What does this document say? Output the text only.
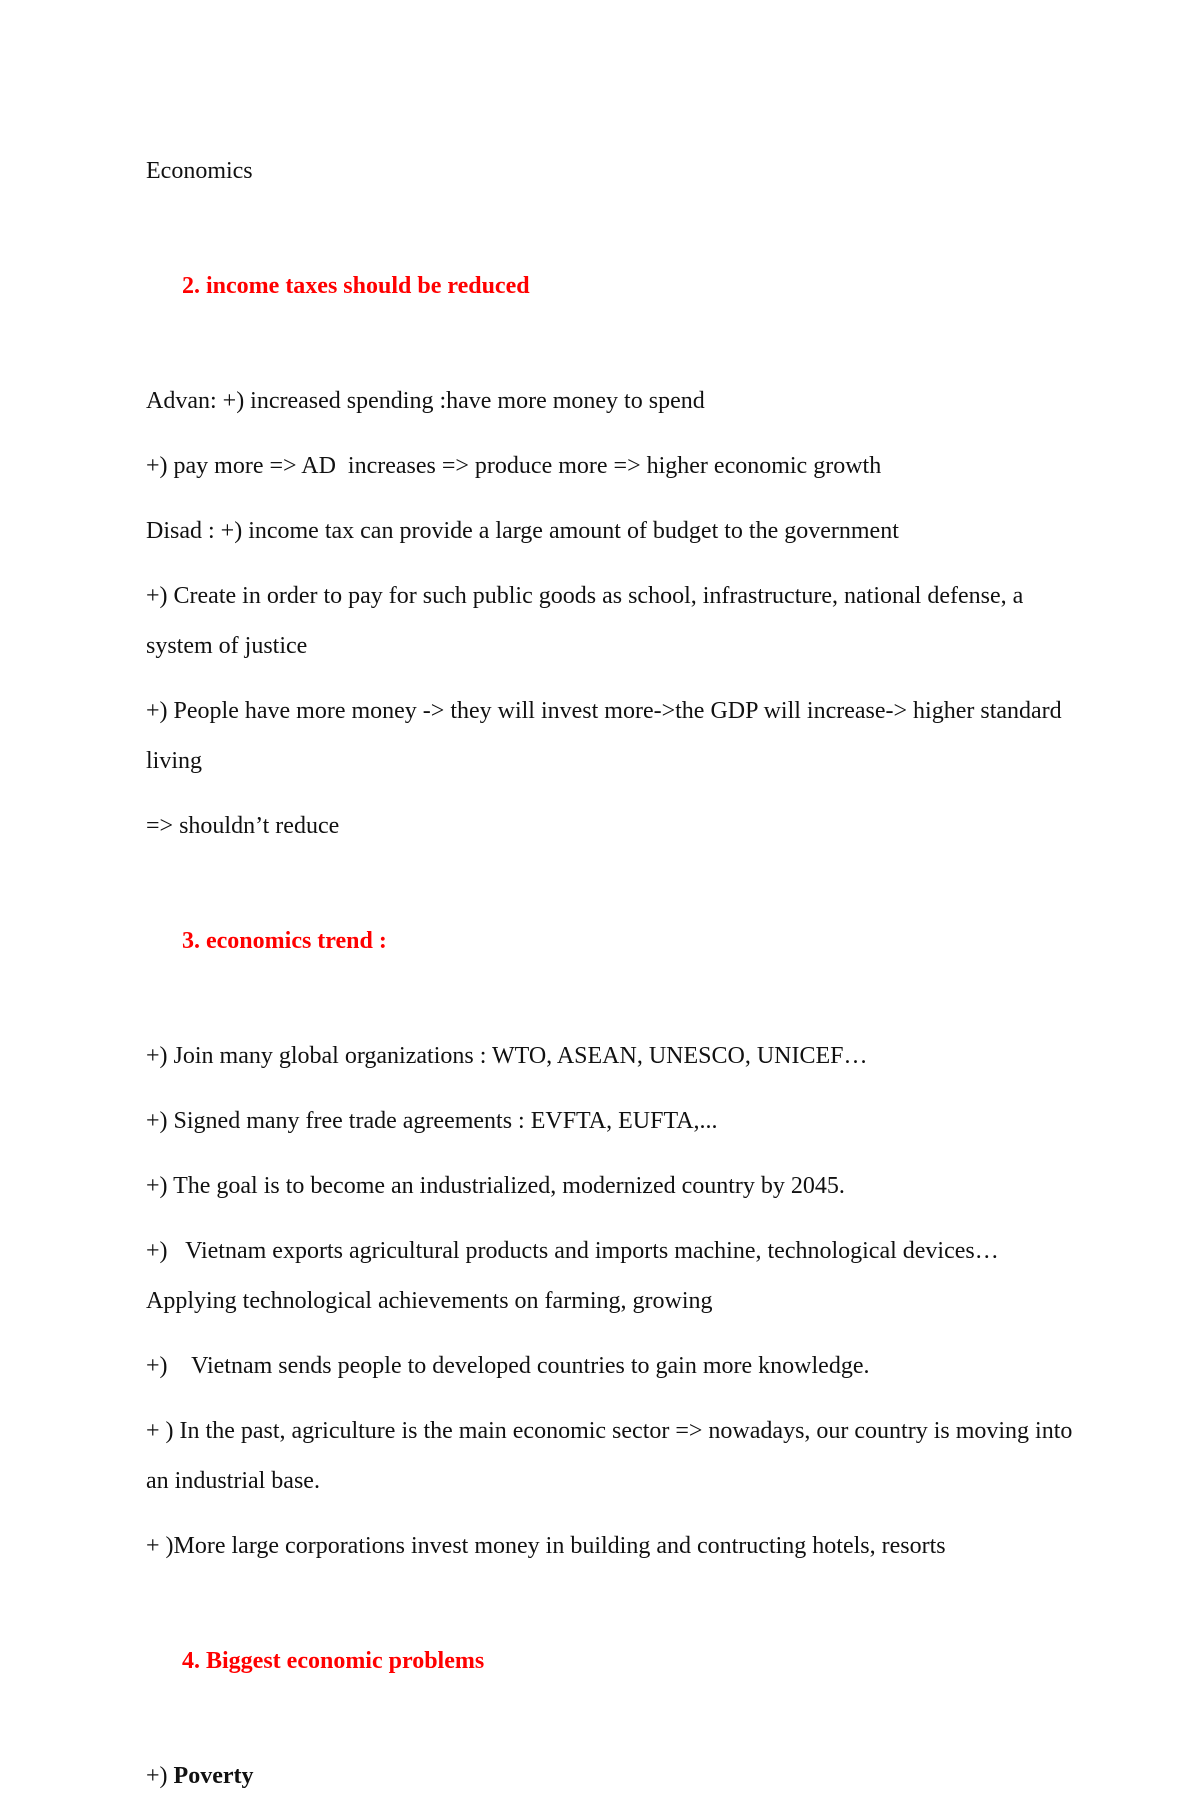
Economics

2. income taxes should be reduced

Advan: +) increased spending :have more money to spend

+) pay more => AD  increases => produce more => higher economic growth

Disad : +) income tax can provide a large amount of budget to the government

+) Create in order to pay for such public goods as school, infrastructure, national defense, a system of justice

+) People have more money -> they will invest more->the GDP will increase-> higher standard living

=> shouldn’t reduce

3. economics trend :

+) Join many global organizations : WTO, ASEAN, UNESCO, UNICEF…

+) Signed many free trade agreements : EVFTA, EUFTA,...

+) The goal is to become an industrialized, modernized country by 2045.

+)   Vietnam exports agricultural products and imports machine, technological devices… Applying technological achievements on farming, growing

+)    Vietnam sends people to developed countries to gain more knowledge.

+ ) In the past, agriculture is the main economic sector => nowadays, our country is moving into an industrial base.

+ )More large corporations invest money in building and contructing hotels, resorts

4. Biggest economic problems

+) Poverty
